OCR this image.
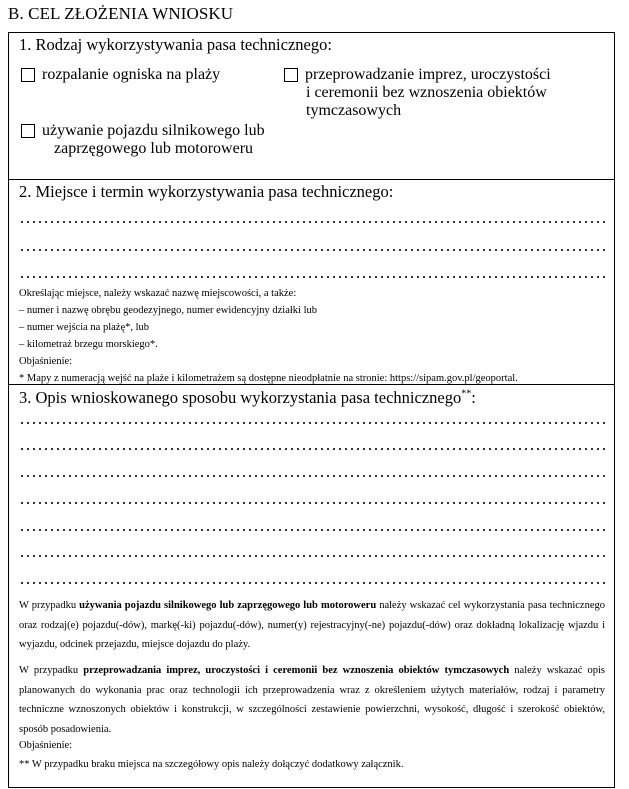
B. CEL ZŁOŻENIA WNIOSKU
1. Rodzaj wykorzystywania pasa technicznego:
rozpalanie ogniska na plaży	przeprowadzanie imprez, uroczystości
i ceremonii bez wznoszenia obiektów
tymczasowych
używanie pojazdu silnikowego lub
zaprzęgowego lub motoroweru
2. Miejsce i termin wykorzystywania pasa technicznego:
Określając miejsce, należy wskazać nazwę miejscowości, a także:
– numer i nazwę obrębu geodezyjnego, numer ewidencyjny działki lub
– numer wejścia na plażę*, lub
– kilometraż brzegu morskiego*.
Objaśnienie:
* Mapy z numeracją wejść na plaże i kilometrażem są dostępne nieodpłatnie na stronie: https://sipam.gov.pl/geoportal.
3. Opis wnioskowanego sposobu wykorzystania pasa technicznego**:
W przypadku używania pojazdu silnikowego lub zaprzęgowego lub motoroweru należy wskazać cel wykorzystania pasa technicznego oraz rodzaj(e) pojazdu(-dów), markę(-ki) pojazdu(-dów), numer(y) rejestracyjny(-ne) pojazdu(-dów) oraz dokładną lokalizację wjazdu i wyjazdu, odcinek przejazdu, miejsce dojazdu do plaży.
W przypadku przeprowadzania imprez, uroczystości i ceremonii bez wznoszenia obiektów tymczasowych należy wskazać opis planowanych do wykonania prac oraz technologii ich przeprowadzenia wraz z określeniem użytych materiałów, rodzaj i parametry techniczne wznoszonych obiektów i konstrukcji, w szczególności zestawienie powierzchni, wysokość, długość i szerokość obiektów, sposób posadowienia.
Objaśnienie:
** W przypadku braku miejsca na szczegółowy opis należy dołączyć dodatkowy załącznik.
